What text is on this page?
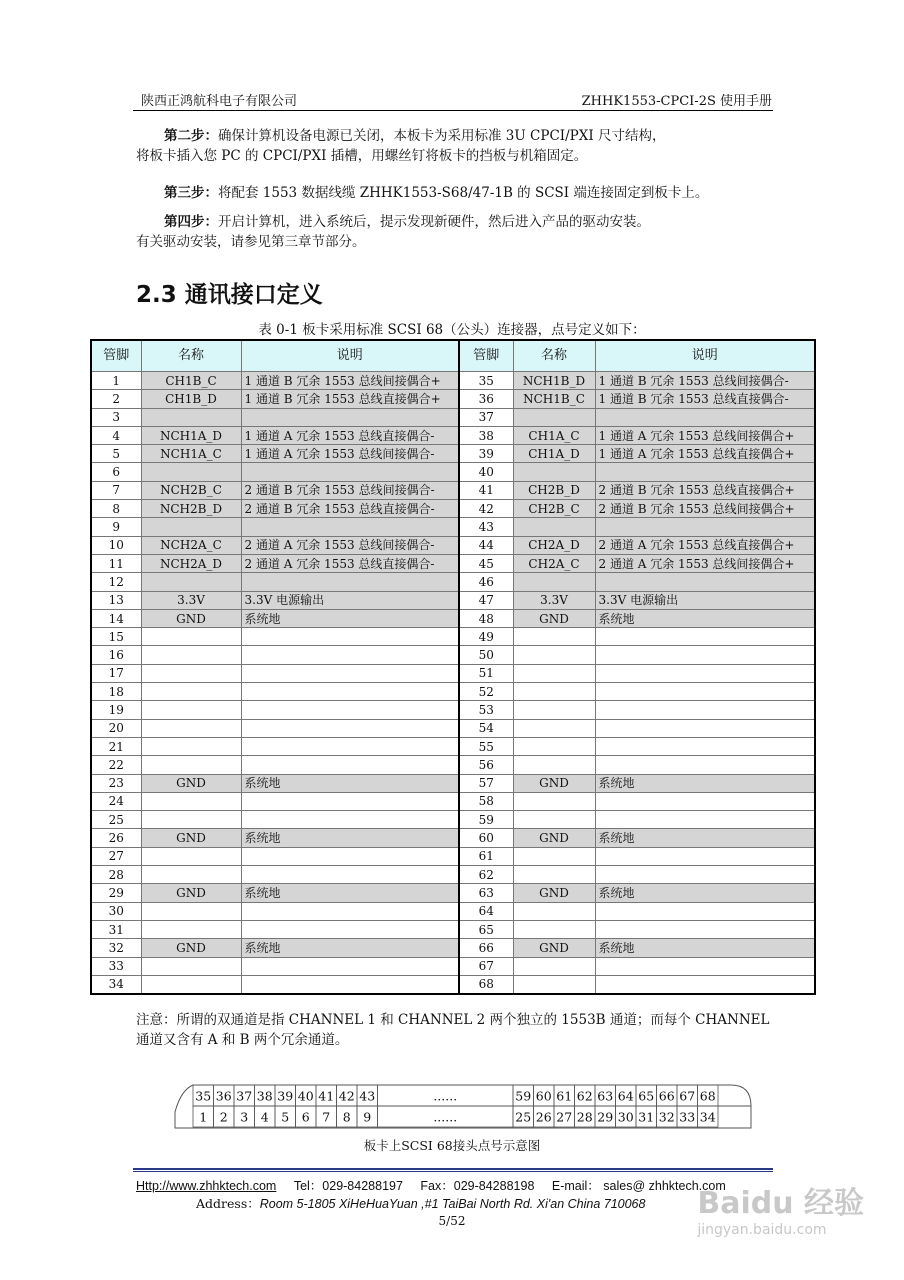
陕西正鸿航科电子有限公司	ZHHK1553-CPCI-2S 使用手册
第二步：确保计算机设备电源已关闭，本板卡为采用标准 3U CPCI/PXI 尺寸结构，
将板卡插入您 PC 的 CPCI/PXI 插槽，用螺丝钉将板卡的挡板与机箱固定。
第三步：将配套 1553 数据线缆 ZHHK1553-S68/47-1B 的 SCSI 端连接固定到板卡上。
第四步：开启计算机，进入系统后，提示发现新硬件，然后进入产品的驱动安装。
有关驱动安装，请参见第三章节部分。
2.3 通讯接口定义
表 0-1 板卡采用标准 SCSI 68（公头）连接器，点号定义如下：
管脚	名称	说明	管脚	名称	说明
1	CH1B_C	1 通道 B 冗余 1553 总线间接偶合+	35	NCH1B_D	1 通道 B 冗余 1553 总线间接偶合-
2	CH1B_D	1 通道 B 冗余 1553 总线直接偶合+	36	NCH1B_C	1 通道 B 冗余 1553 总线直接偶合-
3			37		
4	NCH1A_D	1 通道 A 冗余 1553 总线直接偶合-	38	CH1A_C	1 通道 A 冗余 1553 总线间接偶合+
5	NCH1A_C	1 通道 A 冗余 1553 总线间接偶合-	39	CH1A_D	1 通道 A 冗余 1553 总线直接偶合+
6			40		
7	NCH2B_C	2 通道 B 冗余 1553 总线间接偶合-	41	CH2B_D	2 通道 B 冗余 1553 总线直接偶合+
8	NCH2B_D	2 通道 B 冗余 1553 总线直接偶合-	42	CH2B_C	2 通道 B 冗余 1553 总线间接偶合+
9			43		
10	NCH2A_C	2 通道 A 冗余 1553 总线间接偶合-	44	CH2A_D	2 通道 A 冗余 1553 总线直接偶合+
11	NCH2A_D	2 通道 A 冗余 1553 总线直接偶合-	45	CH2A_C	2 通道 A 冗余 1553 总线间接偶合+
12			46		
13	3.3V	3.3V 电源输出	47	3.3V	3.3V 电源输出
14	GND	系统地	48	GND	系统地
15			49		
16			50		
17			51		
18			52		
19			53		
20			54		
21			55		
22			56		
23	GND	系统地	57	GND	系统地
24			58		
25			59		
26	GND	系统地	60	GND	系统地
27			61		
28			62		
29	GND	系统地	63	GND	系统地
30			64		
31			65		
32	GND	系统地	66	GND	系统地
33			67		
34			68		
注意：所谓的双通道是指 CHANNEL 1 和 CHANNEL 2 两个独立的 1553B 通道；而每个 CHANNEL 通道又含有 A 和 B 两个冗余通道。
35 36 37 38 39 40 41 42 43
1 2 3 4 5 6 7 8 9
59 60 61 62 63 64 65 66 67 68
25 26 27 28 29 30 31 32 33 34
......
......
板卡上SCSI 68接头点号示意图
Http://www.zhhktech.com Tel：029-84288197 Fax：029-84288198 E-mail： sales@ zhhktech.com
Address：Room 5-1805 XiHeHuaYuan ,#1 TaiBai North Rd. Xi'an China 710068
5/52	Baidu 经验
jingyan.baidu.com
